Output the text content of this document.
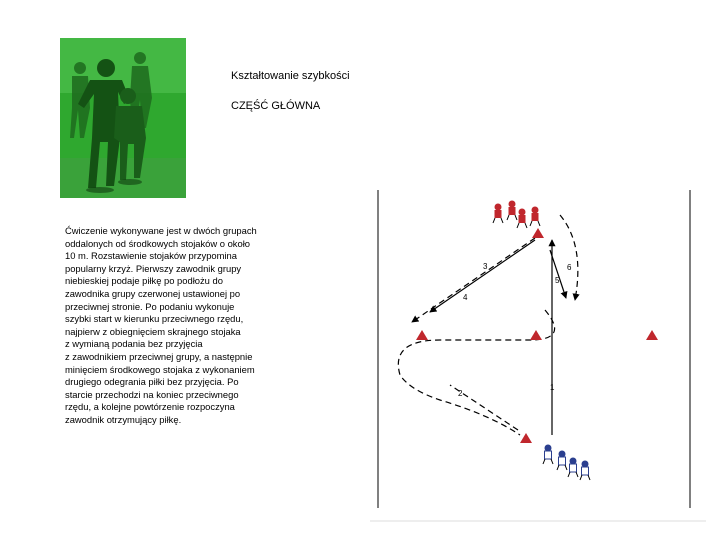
Kształtowanie szybkości
CZĘŚĆ GŁÓWNA
Ćwiczenie wykonywane jest w dwóch grupach
oddalonych od środkowych stojaków o około
10 m. Rozstawienie stojaków przypomina
popularny krzyż. Pierwszy zawodnik grupy
niebieskiej podaje piłkę po podłożu do
zawodnika grupy czerwonej ustawionej po
przeciwnej stronie. Po podaniu wykonuje
szybki start w kierunku przeciwnego rzędu,
najpierw z obiegnięciem skrajnego stojaka
z wymianą podania bez przyjęcia
z zawodnikiem przeciwnej grupy, a następnie
minięciem środkowego stojaka z wykonaniem
drugiego odegrania piłki bez przyjęcia. Po
starcie przechodzi na koniec przeciwnego
rzędu, a kolejne powtórzenie rozpoczyna
zawodnik otrzymujący piłkę.
1
2
3
4
5
6
